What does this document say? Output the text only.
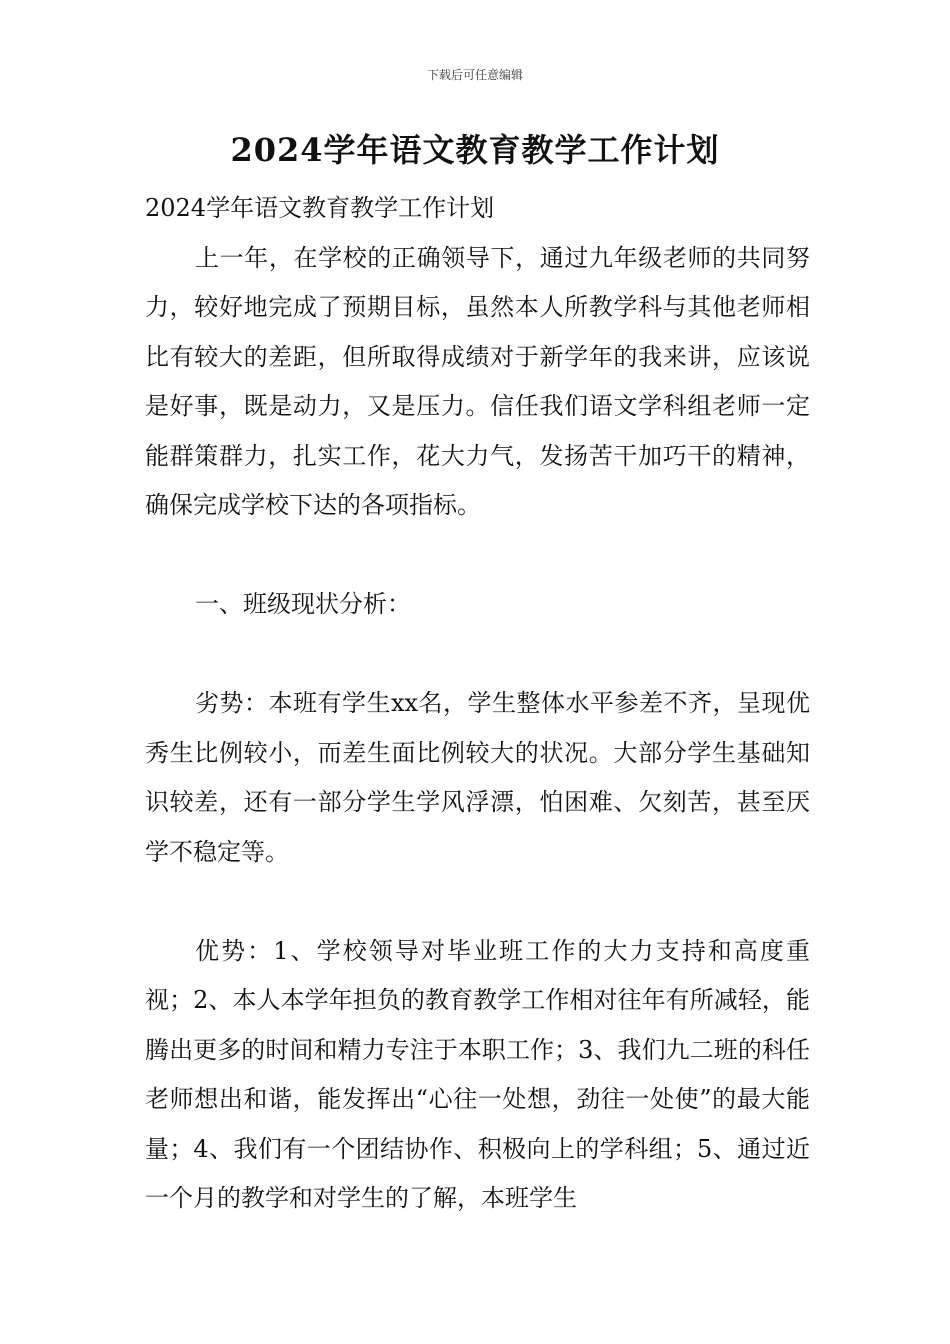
下载后可任意编辑
2024学年语文教育教学工作计划

2024学年语文教育教学工作计划

上一年，在学校的正确领导下，通过九年级老师的共同努力，较好地完成了预期目标，虽然本人所教学科与其他老师相比有较大的差距，但所取得成绩对于新学年的我来讲，应该说是好事，既是动力，又是压力。信任我们语文学科组老师一定能群策群力，扎实工作，花大力气，发扬苦干加巧干的精神，确保完成学校下达的各项指标。

一、班级现状分析：

劣势：本班有学生xx名，学生整体水平参差不齐，呈现优秀生比例较小，而差生面比例较大的状况。大部分学生基础知识较差，还有一部分学生学风浮漂，怕困难、欠刻苦，甚至厌学不稳定等。

优势：1、学校领导对毕业班工作的大力支持和高度重视；2、本人本学年担负的教育教学工作相对往年有所减轻，能腾出更多的时间和精力专注于本职工作；3、我们九二班的科任老师想出和谐，能发挥出“心往一处想，劲往一处使”的最大能量；4、我们有一个团结协作、积极向上的学科组；5、通过近一个月的教学和对学生的了解，本班学生
